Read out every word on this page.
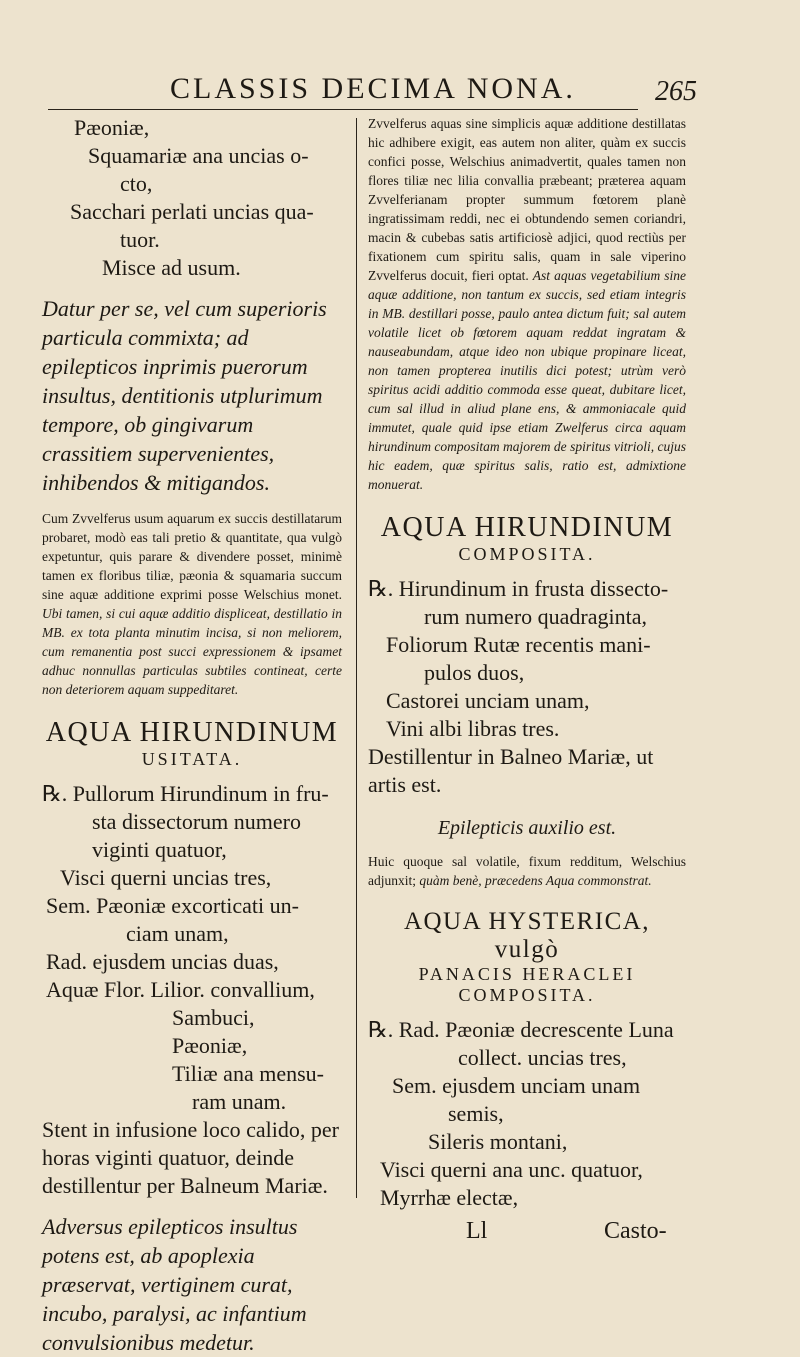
CLASSIS DECIMA NONA.	265
Pæoniæ,
Squamariæ ana uncias o-
cto,
Sacchari perlati uncias qua-
tuor.
Misce ad usum.

Datur per se, vel cum superioris particula commixta; ad epilepticos inprimis puerorum insultus, dentitionis utplurimum tempore, ob gingivarum crassitiem supervenientes, inhibendos & mitigandos.

Cum Zvvelferus usum aquarum ex succis destillatarum probaret, modò eas tali pretio & quantitate, qua vulgò expetuntur, quis parare & divendere posset, minimè tamen ex floribus tiliæ, pæonia & squamaria succum sine aquæ additione exprimi posse Welschius monet. Ubi tamen, si cui aquæ additio displiceat, destillatio in MB. ex tota planta minutim incisa, si non meliorem, cum remanentia post succi expressionem & ipsamet adhuc nonnullas particulas subtiles contineat, certe non deteriorem aquam suppeditaret.

AQUA HIRUNDINUM
USITATA.
℞. Pullorum Hirundinum in fru-
sta dissectorum numero
viginti quatuor,
Visci querni uncias tres,
Sem. Pæoniæ excorticati un-
ciam unam,
Rad. ejusdem uncias duas,
Aquæ Flor. Lilior. convallium,
Sambuci,
Pæoniæ,
Tiliæ ana mensu-
ram unam.

Stent in infusione loco calido, per horas viginti quatuor, deinde destillentur per Balneum Mariæ.

Adversus epilepticos insultus potens est, ab apoplexia præservat, vertiginem curat, incubo, paralysi, ac infantium convulsionibus medetur.

Zvvelferus aquas sine simplicis aquæ additione destillatas hic adhibere exigit, eas autem non aliter, quàm ex succis confici posse, Welschius animadvertit, quales tamen non flores tiliæ nec lilia convallia præbeant; præterea aquam Zvvelferianam propter summum fœtorem planè ingratissimam reddi, nec ei obtundendo semen coriandri, macin & cubebas satis artificiosè adjici, quod rectiùs per fixationem cum spiritu salis, quam in sale viperino Zvvelferus docuit, fieri optat. Ast aquas vegetabilium sine aquæ additione, non tantum ex succis, sed etiam integris in MB. destillari posse, paulo antea dictum fuit; sal autem volatile licet ob fœtorem aquam reddat ingratam & nauseabundam, atque ideo non ubique propinare liceat, non tamen propterea inutilis dici potest; utrùm verò spiritus acidi additio commoda esse queat, dubitare licet, cum sal illud in aliud plane ens, & ammoniacale quid immutet, quale quid ipse etiam Zwelferus circa aquam hirundinum compositam majorem de spiritus vitrioli, cujus hic eadem, quæ spiritus salis, ratio est, admixtione monuerat.

AQUA HIRUNDINUM
COMPOSITA.
℞. Hirundinum in frusta dissecto-
rum numero quadraginta,
Foliorum Rutæ recentis mani-
pulos duos,
Castorei unciam unam,
Vini albi libras tres.

Destillentur in Balneo Mariæ, ut artis est.

Epilepticis auxilio est.

Huic quoque sal volatile, fixum redditum, Welschius adjunxit; quàm benè, præcedens Aqua commonstrat.

AQUA HYSTERICA, vulgò
PANACIS HERACLEI COMPOSITA.
℞. Rad. Pæoniæ decrescente Luna
collect. uncias tres,
Sem. ejusdem unciam unam
semis,
Sileris montani,
Visci querni ana unc. quatuor,
Myrrhæ electæ,
Ll	Casto-
